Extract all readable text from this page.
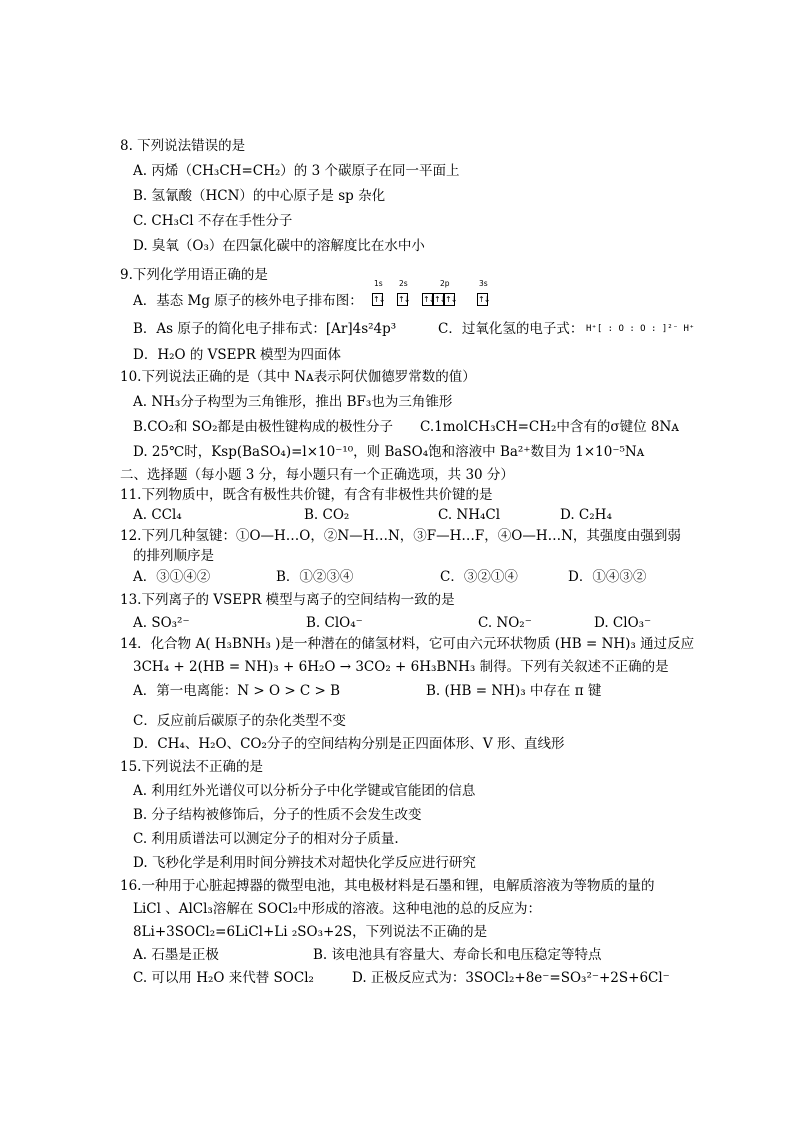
8. 下列说法错误的是
A. 丙烯（CH₃CH=CH₂）的 3 个碳原子在同一平面上
B. 氢氰酸（HCN）的中心原子是 sp 杂化
C. CH₃Cl 不存在手性分子
D. 臭氧（O₃）在四氯化碳中的溶解度比在水中小
9.下列化学用语正确的是
A．基态 Mg 原子的核外电子排布图：
1s 2s	2p	3s
↑↓ ↑↓ ↑↓ ↑↓ ↑↓	↑↓
B．As 原子的简化电子排布式：[Ar]4s²4p³	C．过氧化氢的电子式： H⁺[ : O : O : ]²⁻ H⁺
D．H₂O 的 VSEPR 模型为四面体
10.下列说法正确的是（其中 Nᴀ表示阿伏伽德罗常数的值）
A. NH₃分子构型为三角锥形，推出 BF₃也为三角锥形
B.CO₂和 SO₂都是由极性键构成的极性分子 C.1molCH₃CH=CH₂中含有的σ键位 8Nᴀ
D. 25℃时，Ksp(BaSO₄)=l×10⁻¹⁰，则 BaSO₄饱和溶液中 Ba²⁺数目为 1×10⁻⁵Nᴀ
二、选择题（每小题 3 分，每小题只有一个正确选项，共 30 分）
11.下列物质中，既含有极性共价键，有含有非极性共价键的是
A. CCl₄	B. CO₂	C. NH₄Cl	D. C₂H₄
12.下列几种氢键：①O—H…O，②N—H…N，③F—H…F，④O—H…N，其强度由强到弱
的排列顺序是
A．③①④②	B．①②③④	C．③②①④	D．①④③②
13.下列离子的 VSEPR 模型与离子的空间结构一致的是
A. SO₃²⁻	B. ClO₄⁻	C. NO₂⁻	D. ClO₃⁻
14．化合物 A( H₃BNH₃ )是一种潜在的储氢材料，它可由六元环状物质 (HB = NH)₃ 通过反应
3CH₄ + 2(HB = NH)₃ + 6H₂O → 3CO₂ + 6H₃BNH₃ 制得。下列有关叙述不正确的是
A．第一电离能：N > O > C > B	B. (HB = NH)₃ 中存在 π 键
C．反应前后碳原子的杂化类型不变
D．CH₄、H₂O、CO₂分子的空间结构分别是正四面体形、V 形、直线形
15.下列说法不正确的是
A. 利用红外光谱仪可以分析分子中化学键或官能团的信息
B. 分子结构被修饰后，分子的性质不会发生改变
C. 利用质谱法可以测定分子的相对分子质量.
D. 飞秒化学是利用时间分辨技术对超快化学反应进行研究
16.一种用于心脏起搏器的微型电池，其电极材料是石墨和锂，电解质溶液为等物质的量的
LiCl 、AlCl₃溶解在 SOCl₂中形成的溶液。这种电池的总的反应为：
8Li+3SOCl₂=6LiCl+Li ₂SO₃+2S，下列说法不正确的是
A. 石墨是正极	B. 该电池具有容量大、寿命长和电压稳定等特点
C. 可以用 H₂O 来代替 SOCl₂	D. 正极反应式为：3SOCl₂+8e⁻=SO₃²⁻+2S+6Cl⁻
